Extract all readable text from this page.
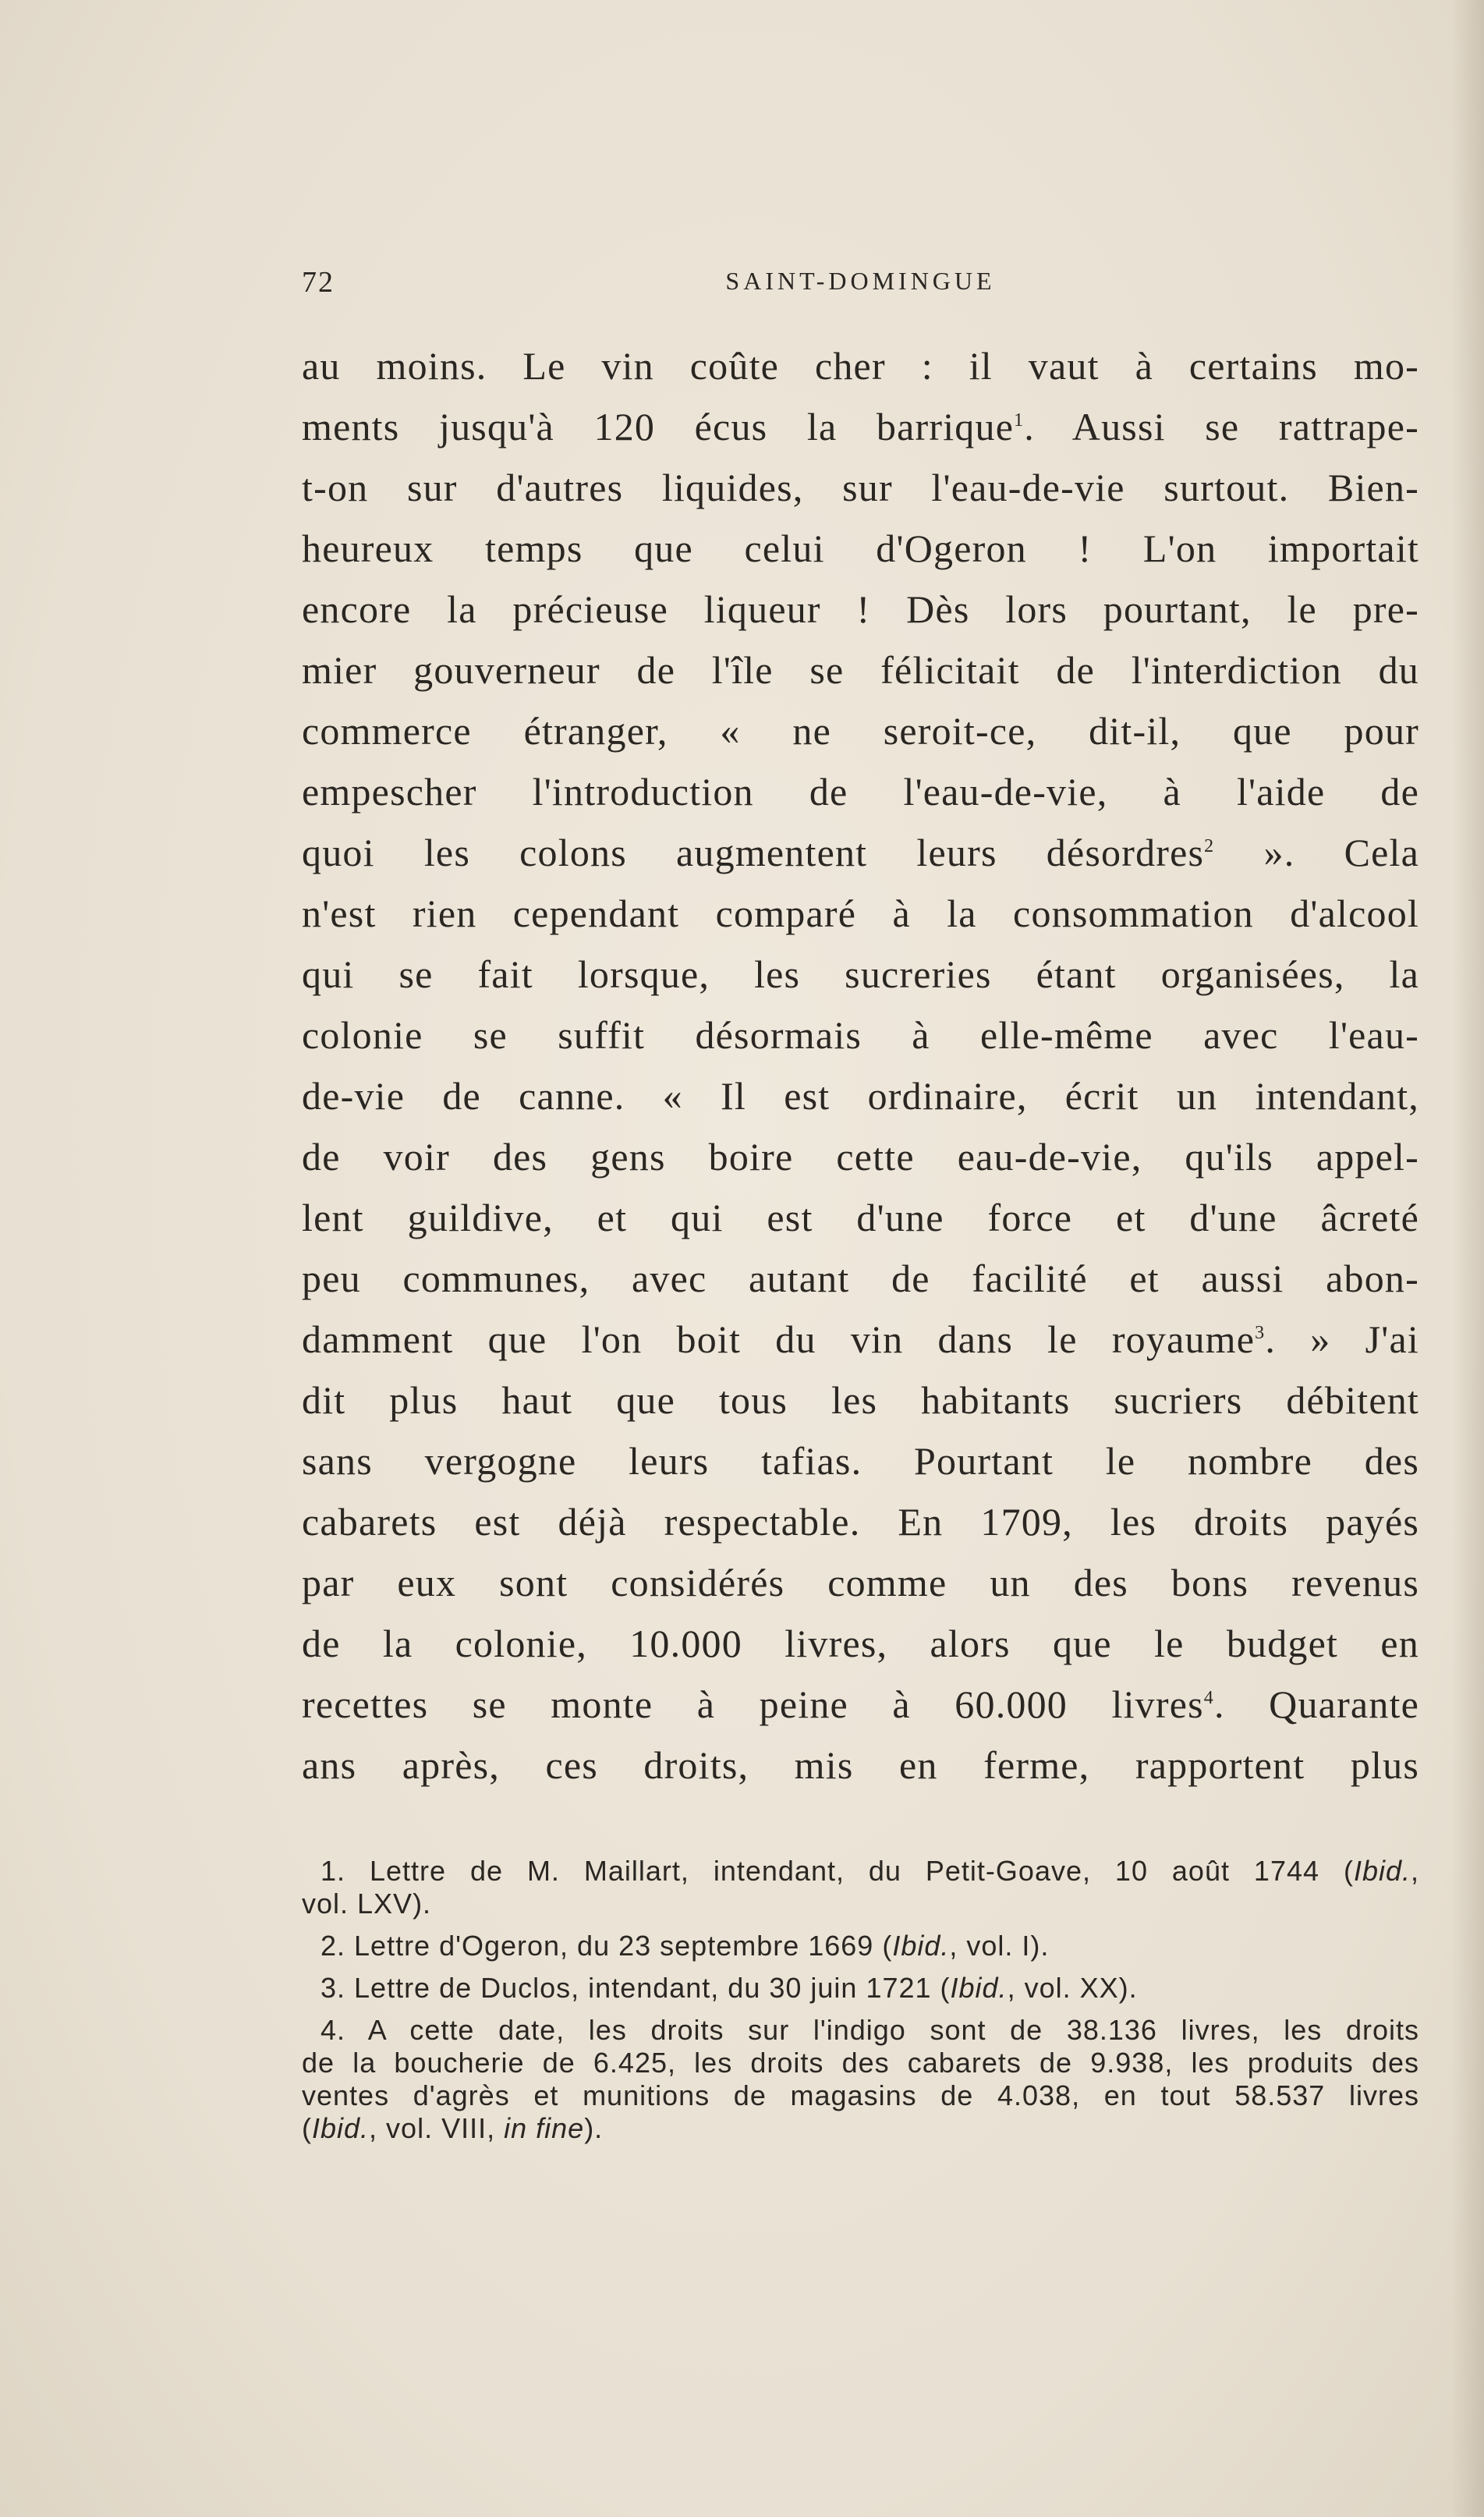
72	SAINT-DOMINGUE
au moins. Le vin coûte cher : il vaut à certains mo-
ments jusqu'à 120 écus la barrique$^1$. Aussi se rattrape-
t-on sur d'autres liquides, sur l'eau-de-vie surtout. Bien-
heureux temps que celui d'Ogeron ! L'on importait
encore la précieuse liqueur ! Dès lors pourtant, le pre-
mier gouverneur de l'île se félicitait de l'interdiction du
commerce étranger, « ne seroit-ce, dit-il, que pour
empescher l'introduction de l'eau-de-vie, à l'aide de
quoi les colons augmentent leurs désordres$^2$ ». Cela
n'est rien cependant comparé à la consommation d'alcool
qui se fait lorsque, les sucreries étant organisées, la
colonie se suffit désormais à elle-même avec l'eau-
de-vie de canne. « Il est ordinaire, écrit un intendant,
de voir des gens boire cette eau-de-vie, qu'ils appel-
lent guildive, et qui est d'une force et d'une âcreté
peu communes, avec autant de facilité et aussi abon-
damment que l'on boit du vin dans le royaume$^3$. » J'ai
dit plus haut que tous les habitants sucriers débitent
sans vergogne leurs tafias. Pourtant le nombre des
cabarets est déjà respectable. En 1709, les droits payés
par eux sont considérés comme un des bons revenus
de la colonie, 10.000 livres, alors que le budget en
recettes se monte à peine à 60.000 livres$^4$. Quarante
ans après, ces droits, mis en ferme, rapportent plus
1. Lettre de M. Maillart, intendant, du Petit-Goave, 10 août 1744 (Ibid.,
vol. LXV).
2. Lettre d'Ogeron, du 23 septembre 1669 (Ibid., vol. I).
3. Lettre de Duclos, intendant, du 30 juin 1721 (Ibid., vol. XX).
4. A cette date, les droits sur l'indigo sont de 38.136 livres, les droits
de la boucherie de 6.425, les droits des cabarets de 9.938, les produits des
ventes d'agrès et munitions de magasins de 4.038, en tout 58.537 livres
(Ibid., vol. VIII, in fine).
